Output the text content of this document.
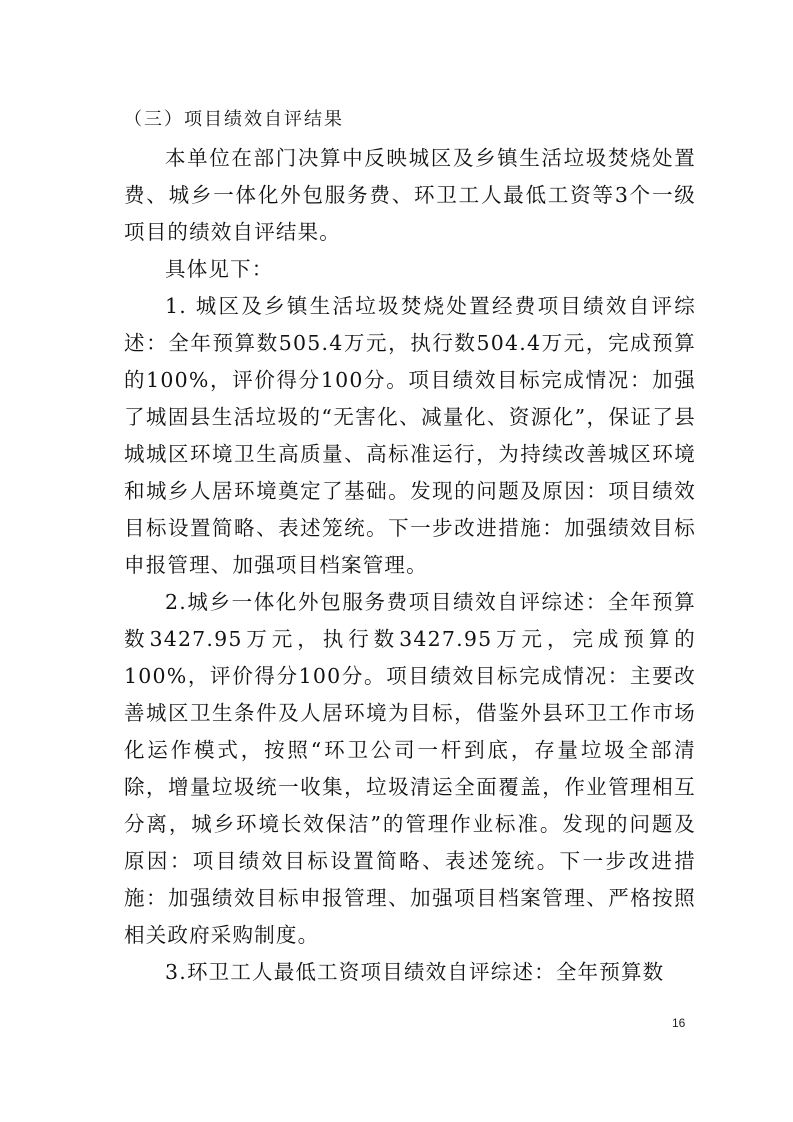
（三）项目绩效自评结果

本单位在部门决算中反映城区及乡镇生活垃圾焚烧处置费、城乡一体化外包服务费、环卫工人最低工资等3个一级项目的绩效自评结果。

具体见下：

1. 城区及乡镇生活垃圾焚烧处置经费项目绩效自评综述：全年预算数505.4万元，执行数504.4万元，完成预算的100%，评价得分100分。项目绩效目标完成情况：加强了城固县生活垃圾的“无害化、减量化、资源化”，保证了县城城区环境卫生高质量、高标准运行，为持续改善城区环境和城乡人居环境奠定了基础。发现的问题及原因：项目绩效目标设置简略、表述笼统。下一步改进措施：加强绩效目标申报管理、加强项目档案管理。

2.城乡一体化外包服务费项目绩效自评综述：全年预算数3427.95万元，执行数3427.95万元，完成预算的100%，评价得分100分。项目绩效目标完成情况：主要改善城区卫生条件及人居环境为目标，借鉴外县环卫工作市场化运作模式，按照“环卫公司一杆到底，存量垃圾全部清除，增量垃圾统一收集，垃圾清运全面覆盖，作业管理相互分离，城乡环境长效保洁”的管理作业标准。发现的问题及原因：项目绩效目标设置简略、表述笼统。下一步改进措施：加强绩效目标申报管理、加强项目档案管理、严格按照相关政府采购制度。

3.环卫工人最低工资项目绩效自评综述：全年预算数

16
